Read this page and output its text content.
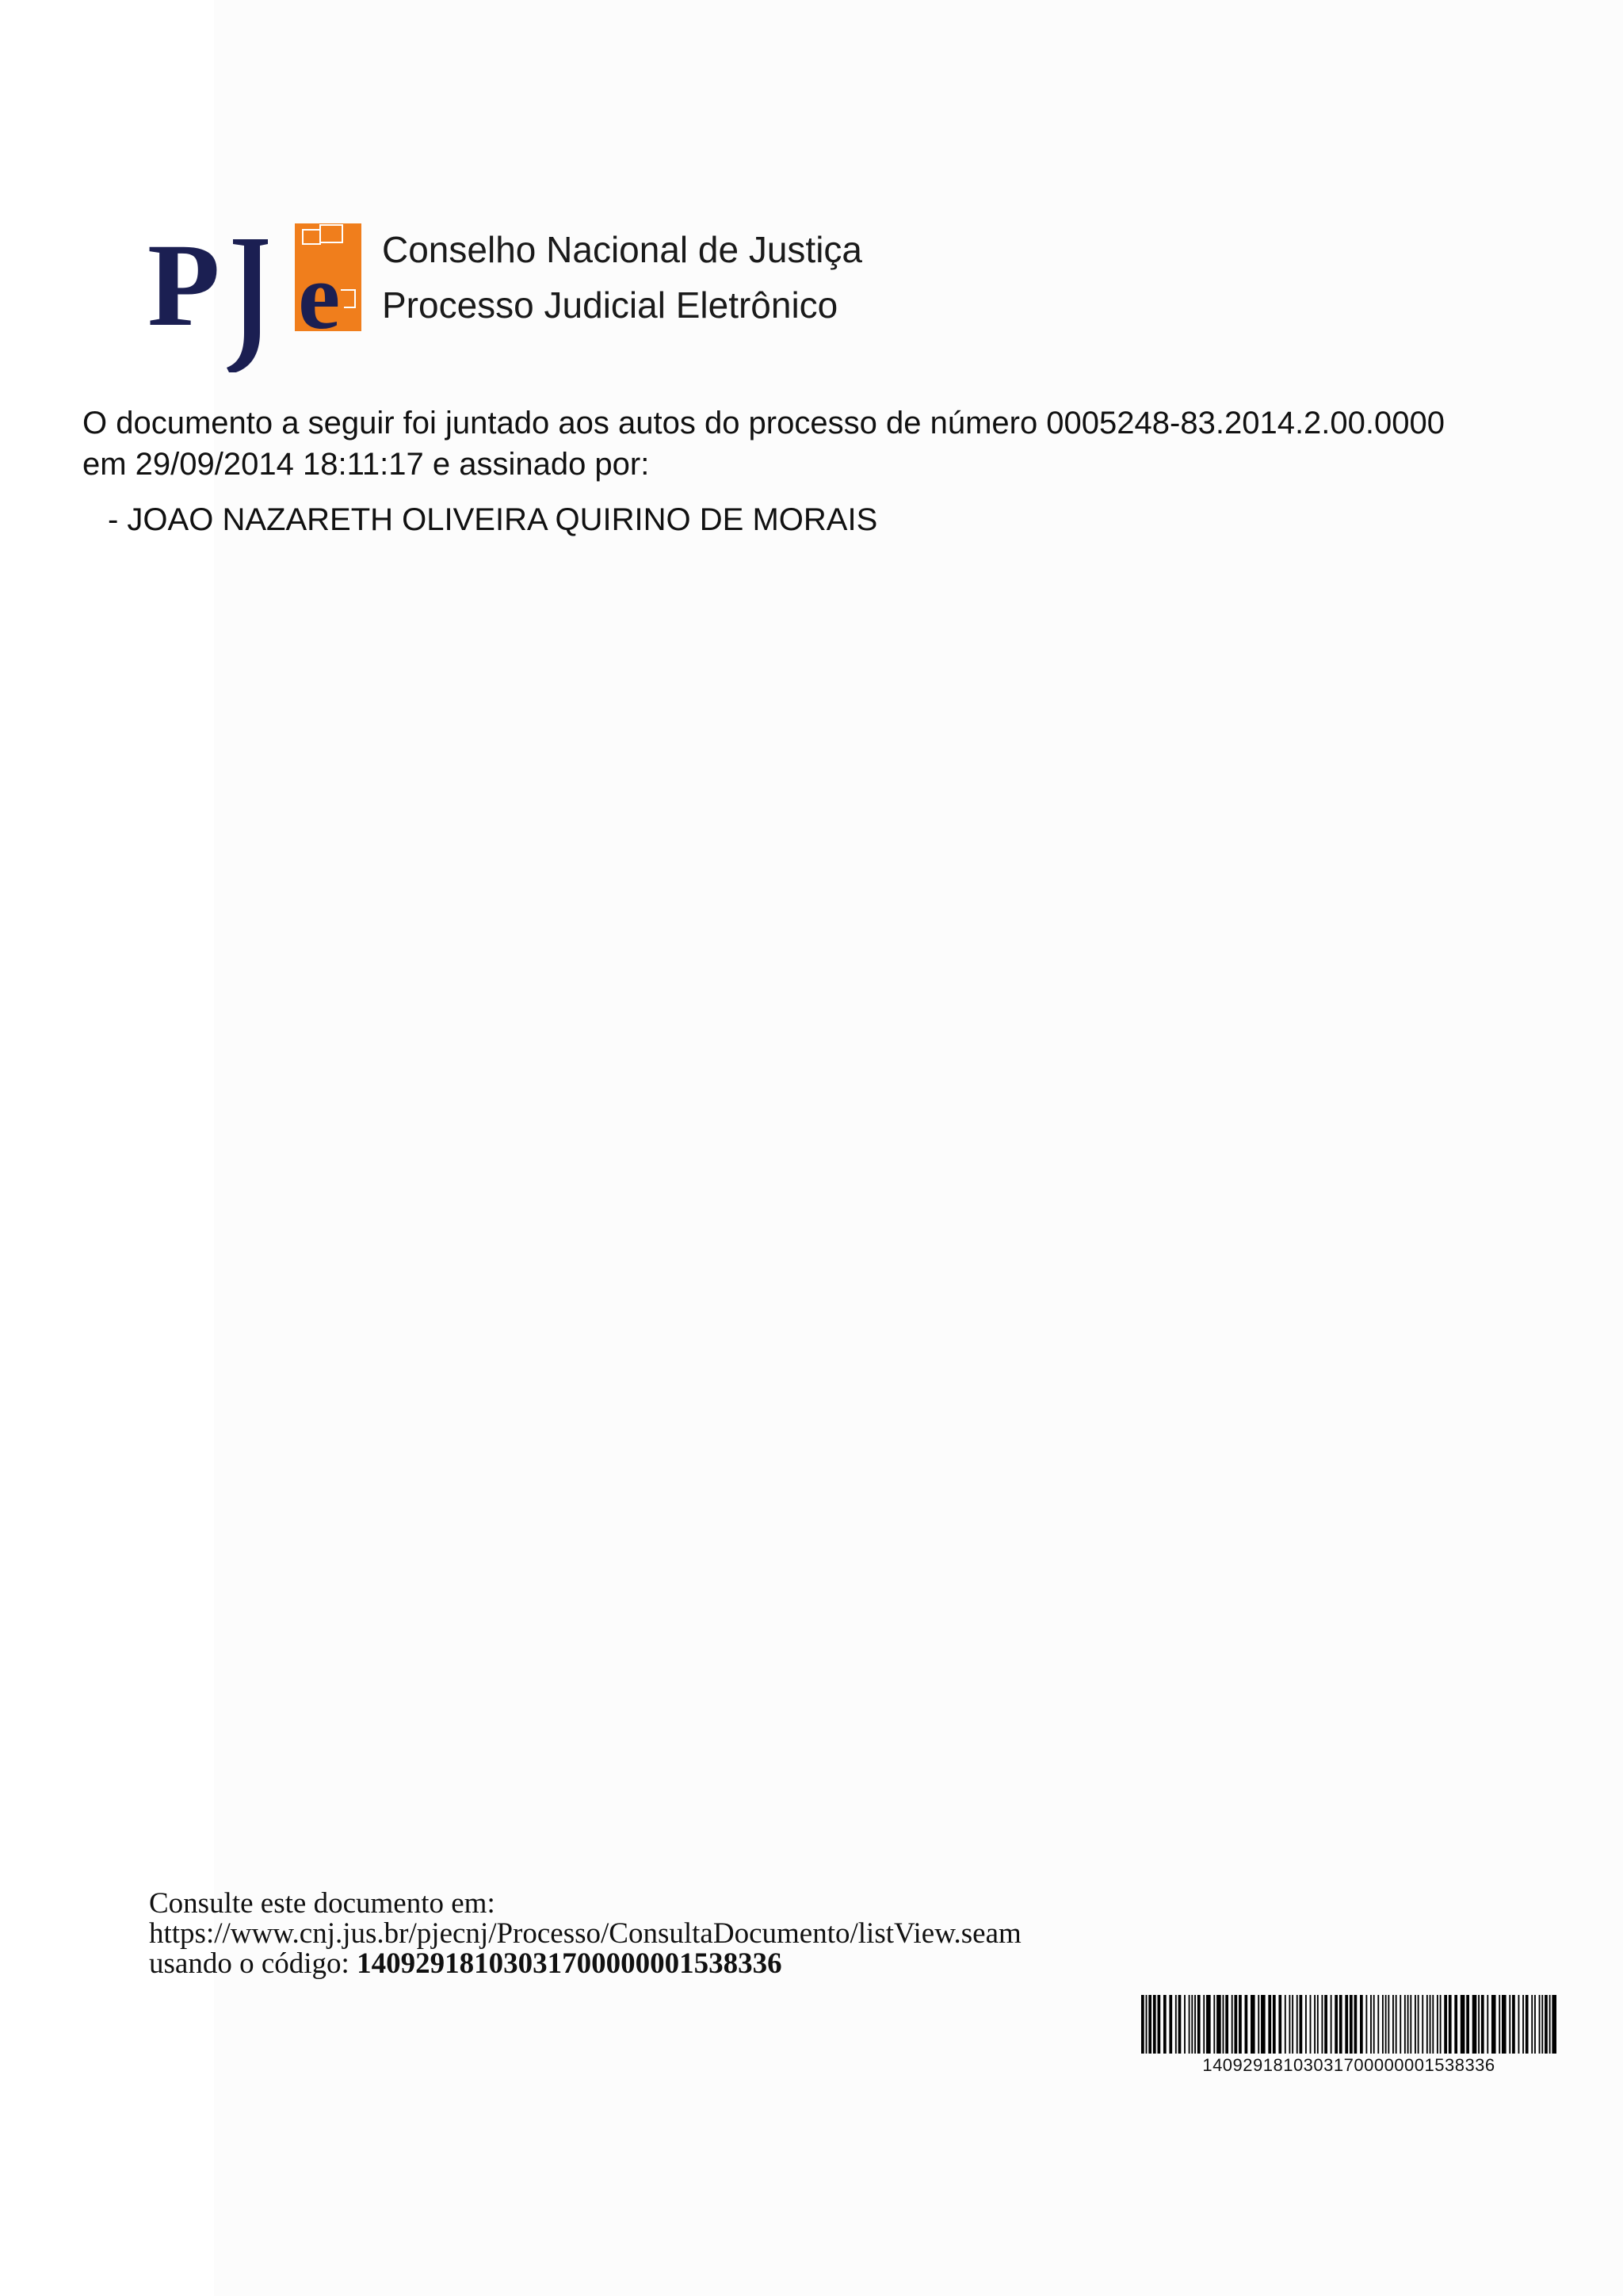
P e Conselho Nacional de Justiça
Processo Judicial Eletrônico
O documento a seguir foi juntado aos autos do processo de número 0005248-83.2014.2.00.0000
em 29/09/2014 18:11:17 e assinado por:
- JOAO NAZARETH OLIVEIRA QUIRINO DE MORAIS
Consulte este documento em:
https://www.cnj.jus.br/pjecnj/Processo/ConsultaDocumento/listView.seam
usando o código: 14092918103031700000001538336
14092918103031700000001538336
